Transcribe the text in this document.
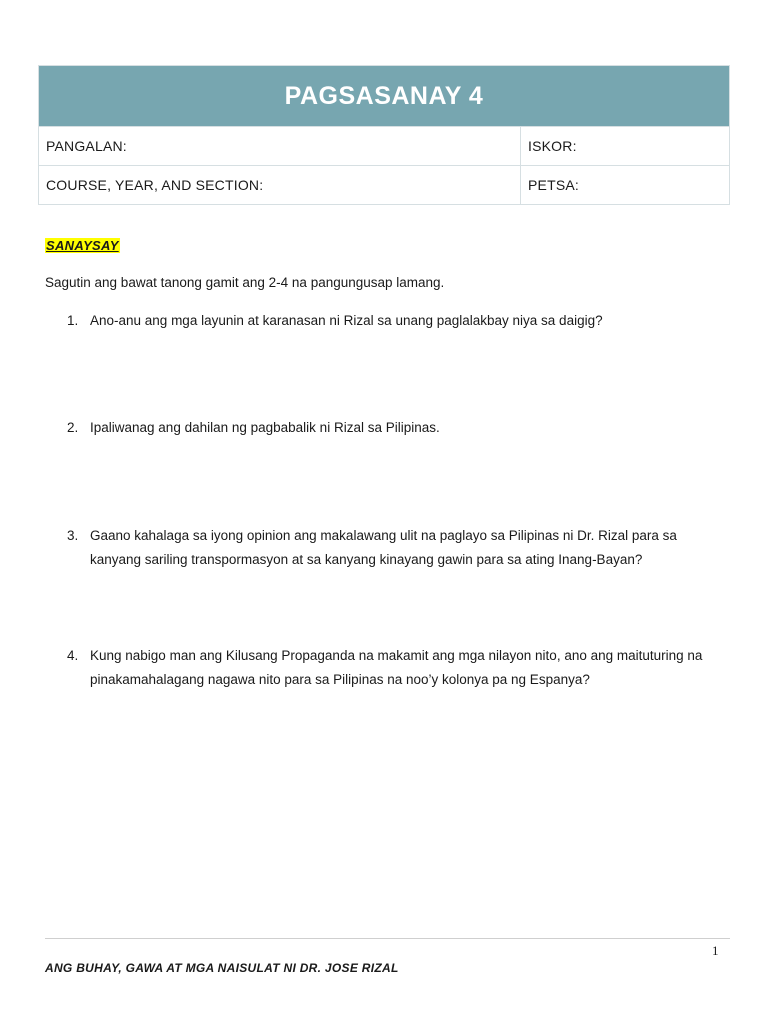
PAGSASANAY 4	
PANGALAN:	ISKOR:
COURSE, YEAR, AND SECTION:	PETSA:
SANAYSAY
Sagutin ang bawat tanong gamit ang 2-4 na pangungusap lamang.
1. Ano-anu ang mga layunin at karanasan ni Rizal sa unang paglalakbay niya sa daigig?
2. Ipaliwanag ang dahilan ng pagbabalik ni Rizal sa Pilipinas.
3. Gaano kahalaga sa iyong opinion ang makalawang ulit na paglayo sa Pilipinas ni Dr. Rizal para sa kanyang sariling transpormasyon at sa kanyang kinayang gawin para sa ating Inang-Bayan?
4. Kung nabigo man ang Kilusang Propaganda na makamit ang mga nilayon nito, ano ang maituturing na pinakamahalagang nagawa nito para sa Pilipinas na noo’y kolonya pa ng Espanya?
1
ANG BUHAY, GAWA AT MGA NAISULAT NI DR. JOSE RIZAL
